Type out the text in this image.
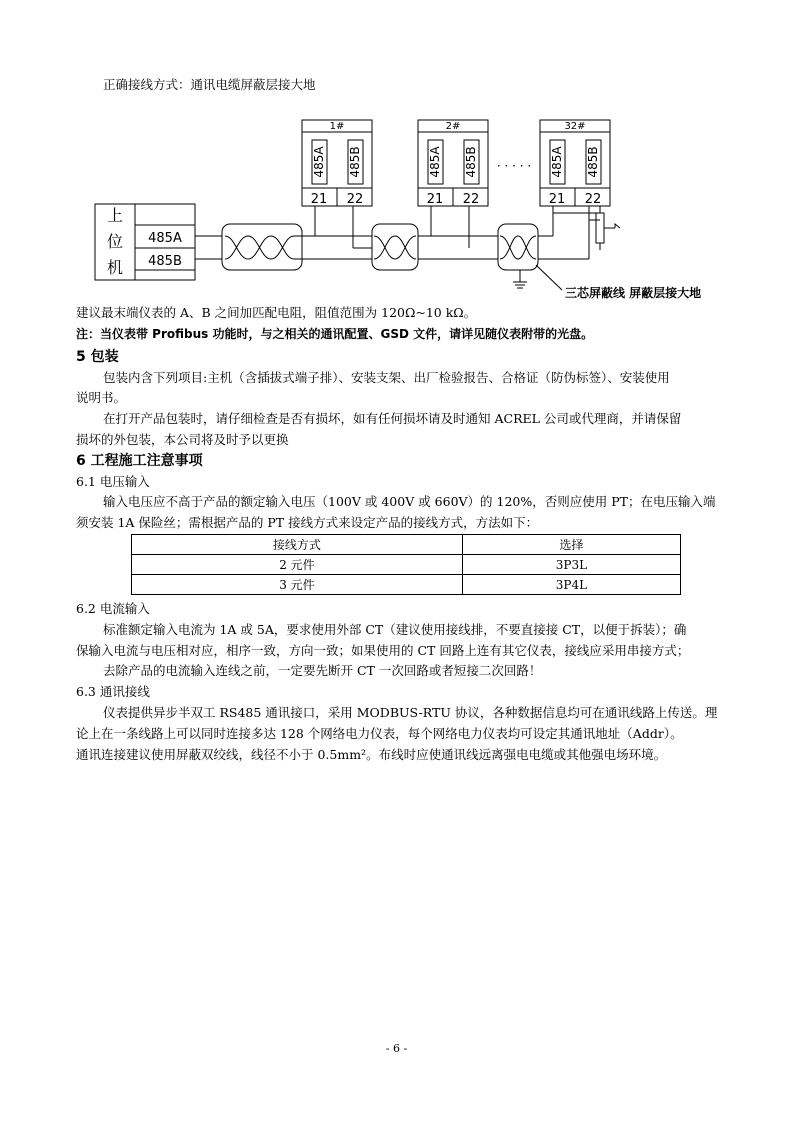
正确接线方式：通讯电缆屏蔽层接大地
上
位
机
485A
485B
1#
485A 485B
21 22
2#
485A 485B
21 22
32#
485A 485B
21 22
· · · · ·
三芯屏蔽线 屏蔽层接大地
建议最末端仪表的 A、B 之间加匹配电阻，阻值范围为 120Ω~10 kΩ。
注：当仪表带 Profibus 功能时，与之相关的通讯配置、GSD 文件，请详见随仪表附带的光盘。
5 包装
包装内含下列项目:主机（含插拔式端子排）、安装支架、出厂检验报告、合格证（防伪标签）、安装使用
说明书。
在打开产品包装时，请仔细检查是否有损坏，如有任何损坏请及时通知 ACREL 公司或代理商，并请保留
损坏的外包装，本公司将及时予以更换
6 工程施工注意事项
6.1 电压输入
输入电压应不高于产品的额定输入电压（100V 或 400V 或 660V）的 120%，否则应使用 PT；在电压输入端
须安装 1A 保险丝；需根据产品的 PT 接线方式来设定产品的接线方式，方法如下：
接线方式	选择
2 元件	3P3L
3 元件	3P4L
6.2 电流输入
标准额定输入电流为 1A 或 5A，要求使用外部 CT（建议使用接线排，不要直接接 CT，以便于拆装）；确
保输入电流与电压相对应，相序一致，方向一致；如果使用的 CT 回路上连有其它仪表，接线应采用串接方式；
去除产品的电流输入连线之前，一定要先断开 CT 一次回路或者短接二次回路！
6.3 通讯接线
仪表提供异步半双工 RS485 通讯接口，采用 MODBUS-RTU 协议，各种数据信息均可在通讯线路上传送。理
论上在一条线路上可以同时连接多达 128 个网络电力仪表，每个网络电力仪表均可设定其通讯地址（Addr）。
通讯连接建议使用屏蔽双绞线，线径不小于 0.5mm²。布线时应使通讯线远离强电电缆或其他强电场环境。
- 6 -
